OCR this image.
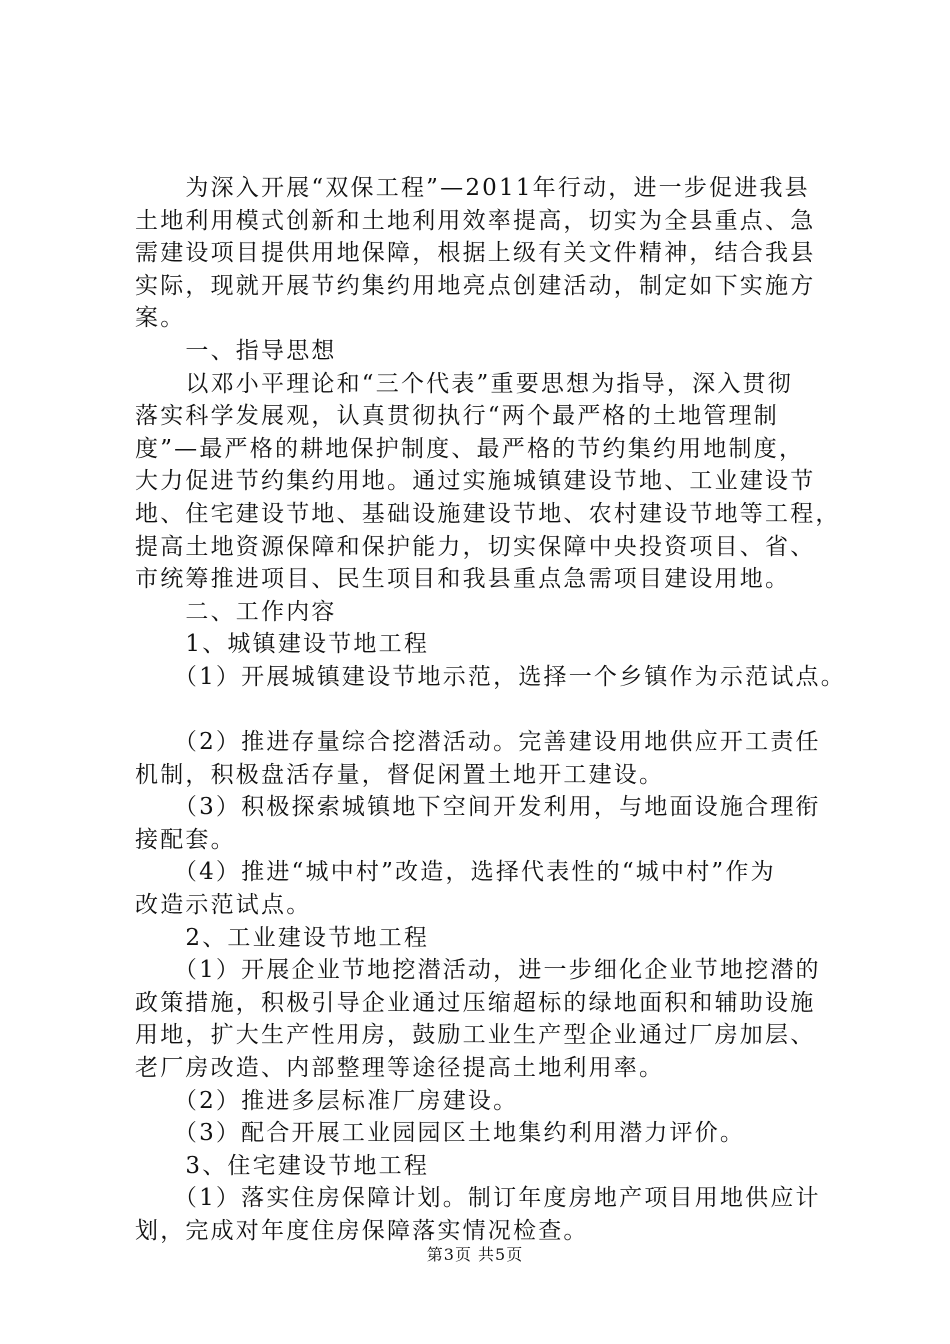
　　为深入开展“双保工程”—2011年行动，进一步促进我县
土地利用模式创新和土地利用效率提高，切实为全县重点、急
需建设项目提供用地保障，根据上级有关文件精神，结合我县
实际，现就开展节约集约用地亮点创建活动，制定如下实施方
案。
　　一、指导思想
　　以邓小平理论和“三个代表”重要思想为指导，深入贯彻
落实科学发展观，认真贯彻执行“两个最严格的土地管理制
度”—最严格的耕地保护制度、最严格的节约集约用地制度，
大力促进节约集约用地。通过实施城镇建设节地、工业建设节
地、住宅建设节地、基础设施建设节地、农村建设节地等工程，
提高土地资源保障和保护能力，切实保障中央投资项目、省、
市统筹推进项目、民生项目和我县重点急需项目建设用地。
　　二、工作内容
　　1、城镇建设节地工程
　　（1）开展城镇建设节地示范，选择一个乡镇作为示范试点。
　　（2）推进存量综合挖潜活动。完善建设用地供应开工责任
机制，积极盘活存量，督促闲置土地开工建设。
　　（3）积极探索城镇地下空间开发利用，与地面设施合理衔
接配套。
　　（4）推进“城中村”改造，选择代表性的“城中村”作为
改造示范试点。
　　2、工业建设节地工程
　　（1）开展企业节地挖潜活动，进一步细化企业节地挖潜的
政策措施，积极引导企业通过压缩超标的绿地面积和辅助设施
用地，扩大生产性用房，鼓励工业生产型企业通过厂房加层、
老厂房改造、内部整理等途径提高土地利用率。
　　（2）推进多层标准厂房建设。
　　（3）配合开展工业园园区土地集约利用潜力评价。
　　3、住宅建设节地工程
　　（1）落实住房保障计划。制订年度房地产项目用地供应计
划，完成对年度住房保障落实情况检查。
第3页 共5页
